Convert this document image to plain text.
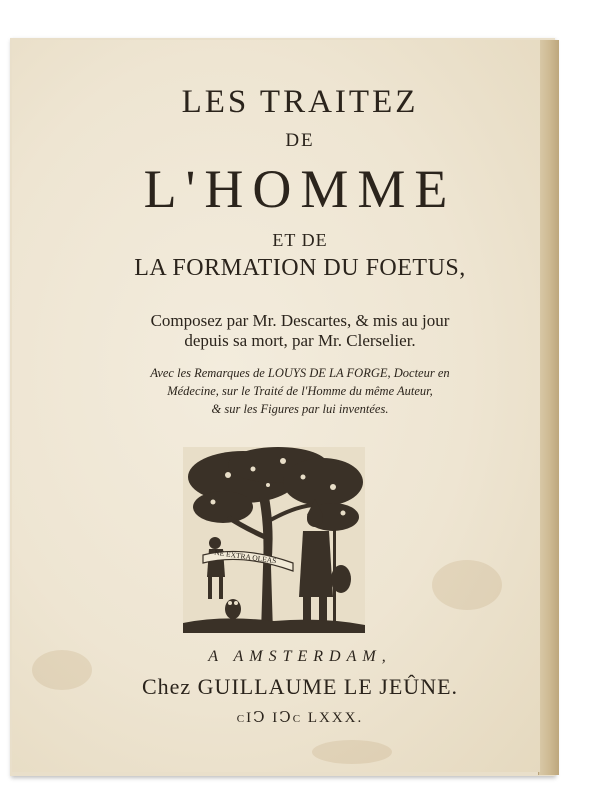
LES TRAITEZ
DE
L'HOMME
ET DE
LA FORMATION DU FOETUS,
Composez par Mr. Descartes, & mis au jour
depuis sa mort, par Mr. Clerselier.
Avec les Remarques de LOUYS DE LA FORGE, Docteur en
Médecine, sur le Traité de l'Homme du même Auteur,
& sur les Figures par lui inventées.
NE EXTRA OLEAS
A AMSTERDAM,
Chez GUILLAUME LE JEÛNE.
cIↃ IↃc LXXX.
